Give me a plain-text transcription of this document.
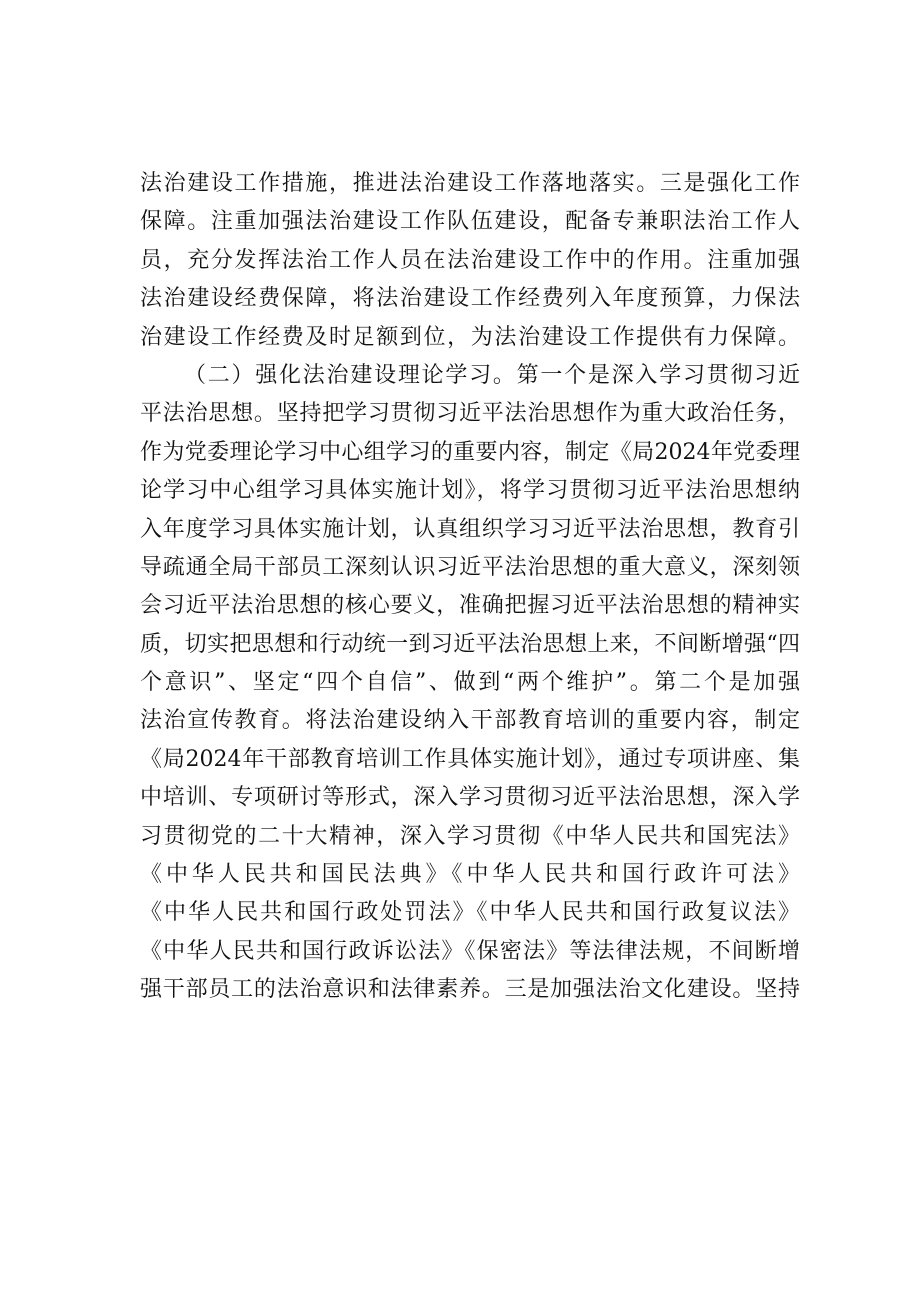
法治建设工作措施，推进法治建设工作落地落实。三是强化工作
保障。注重加强法治建设工作队伍建设，配备专兼职法治工作人
员，充分发挥法治工作人员在法治建设工作中的作用。注重加强
法治建设经费保障，将法治建设工作经费列入年度预算，力保法
治建设工作经费及时足额到位，为法治建设工作提供有力保障。
（二）强化法治建设理论学习。第一个是深入学习贯彻习近
平法治思想。坚持把学习贯彻习近平法治思想作为重大政治任务，
作为党委理论学习中心组学习的重要内容，制定《局2024年党委理
论学习中心组学习具体实施计划》，将学习贯彻习近平法治思想纳
入年度学习具体实施计划，认真组织学习习近平法治思想，教育引
导疏通全局干部员工深刻认识习近平法治思想的重大意义，深刻领
会习近平法治思想的核心要义，准确把握习近平法治思想的精神实
质，切实把思想和行动统一到习近平法治思想上来，不间断增强“四
个意识”、坚定“四个自信”、做到“两个维护”。第二个是加强
法治宣传教育。将法治建设纳入干部教育培训的重要内容，制定
《局2024年干部教育培训工作具体实施计划》，通过专项讲座、集
中培训、专项研讨等形式，深入学习贯彻习近平法治思想，深入学
习贯彻党的二十大精神，深入学习贯彻《中华人民共和国宪法》
《中华人民共和国民法典》《中华人民共和国行政许可法》
《中华人民共和国行政处罚法》《中华人民共和国行政复议法》
《中华人民共和国行政诉讼法》《保密法》等法律法规，不间断增
强干部员工的法治意识和法律素养。三是加强法治文化建设。坚持
